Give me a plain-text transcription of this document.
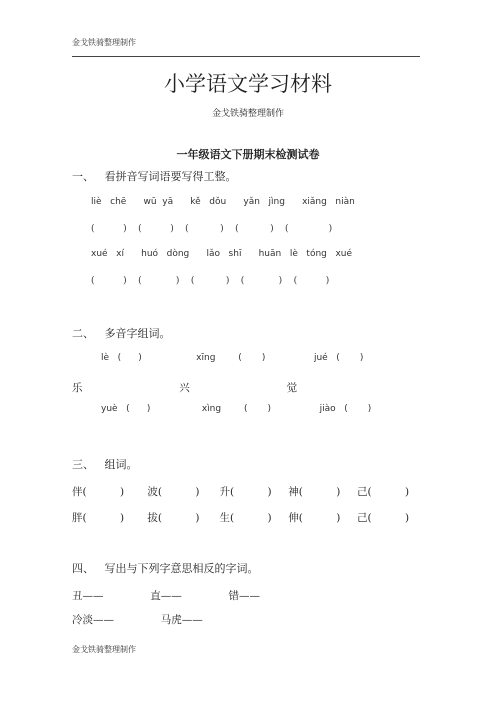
金戈铁骑整理制作
小学语文学习材料
金戈铁骑整理制作
一年级语文下册期末检测试卷
一、   看拼音写词语要写得工整。
liè   chē      wū  yā      kě   dǒu      yǎn   jìng      xiǎng   niàn
(          )    (          )    (           )    (           )    (              )
xué   xí      huó   dòng      lǎo   shī      huān   lè   tóng   xué
(          )    (            )    (           )    (            )    (          )
二、   多音字组词。
lè   (      )                   xīng        (       )                 jué   (       )
乐                             兴                             觉
yuè   (      )                  xìng        (       )                 jiào   (       )
三、   组词。
伴(          )       波(          )      升(          )     神(          )     己(          )
胖(          )       拔(          )      生(          )     伸(          )     己(          )
四、   写出与下列字意思相反的字词。
丑——              直——              错——
冷淡——              马虎——
金戈铁骑整理制作
